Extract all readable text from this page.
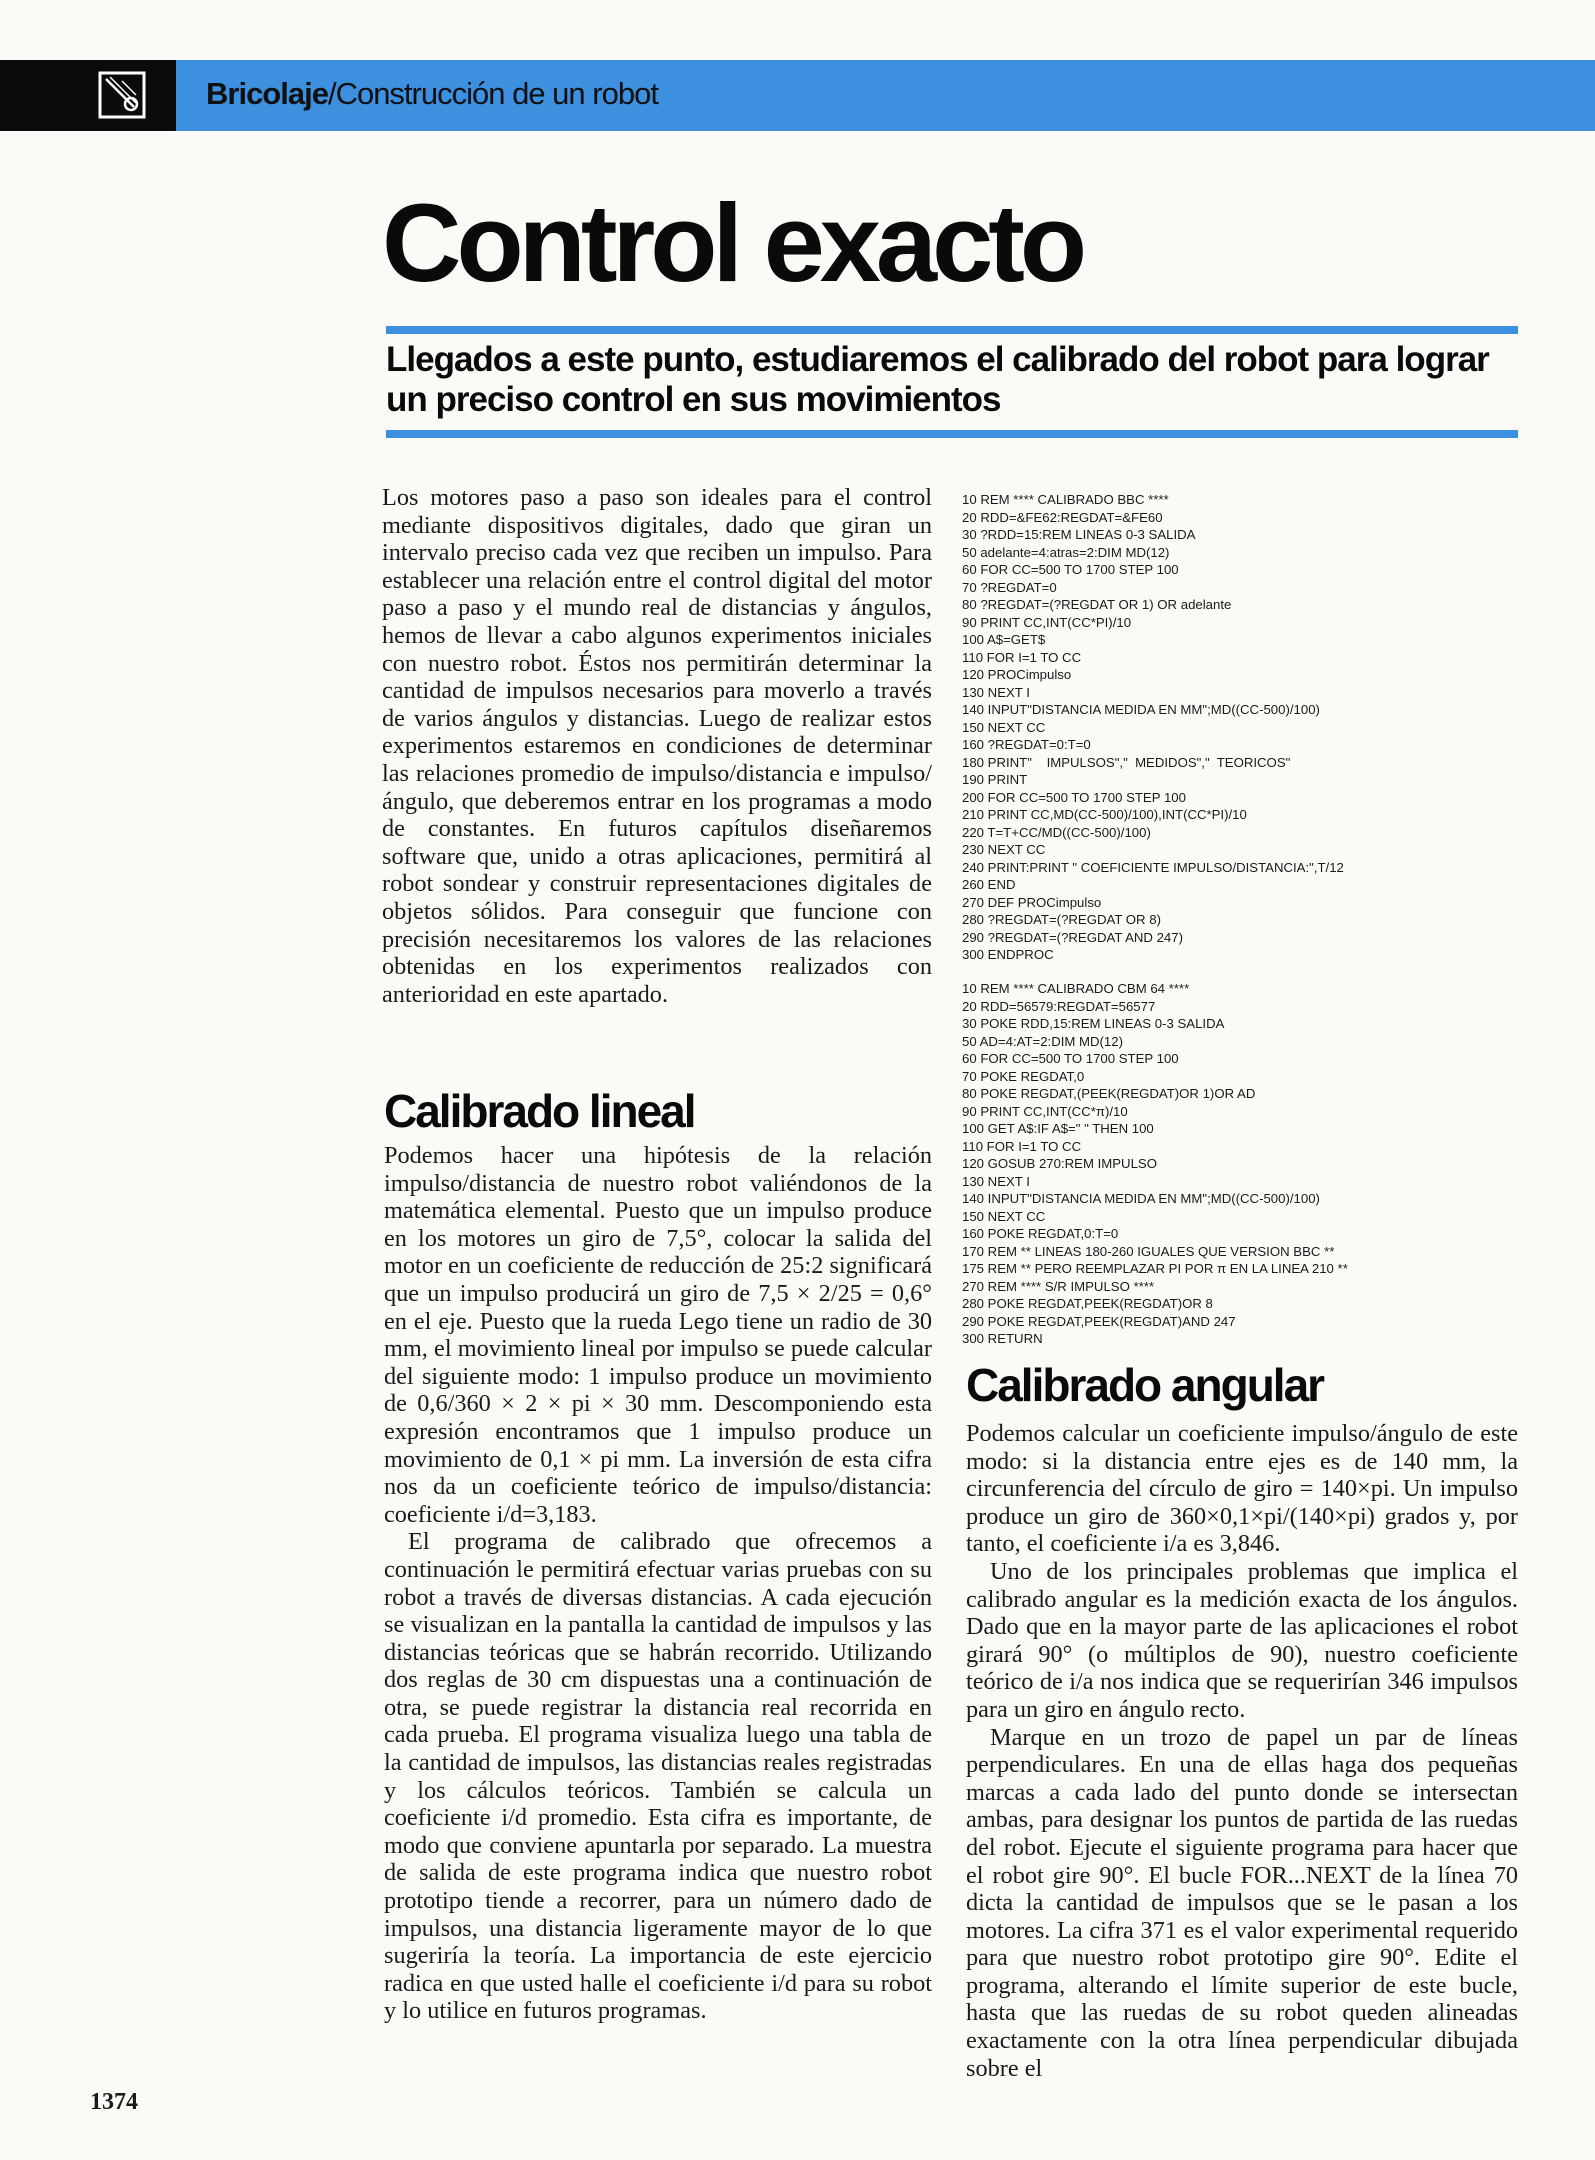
Bricolaje/Construcción de un robot
Control exacto

Llegados a este punto, estudiaremos el calibrado del robot para lograr un preciso control en sus movimientos

Los motores paso a paso son ideales para el control mediante dispositivos digitales, dado que giran un intervalo preciso cada vez que reciben un impulso. Para establecer una relación entre el control digital del motor paso a paso y el mundo real de distancias y ángulos, hemos de llevar a cabo algunos experimentos iniciales con nuestro robot. Éstos nos permitirán determinar la cantidad de impulsos necesarios para moverlo a través de varios ángulos y distancias. Luego de realizar estos experimentos estaremos en condiciones de determinar las relaciones promedio de impulso/distancia e impulso/ángulo, que deberemos entrar en los programas a modo de constantes. En futuros capítulos diseñaremos software que, unido a otras aplicaciones, permitirá al robot sondear y construir representaciones digitales de objetos sólidos. Para conseguir que funcione con precisión necesitaremos los valores de las relaciones obtenidas en los experimentos realizados con anterioridad en este apartado.

Calibrado lineal

Podemos hacer una hipótesis de la relación impulso/distancia de nuestro robot valiéndonos de la matemática elemental. Puesto que un impulso produce en los motores un giro de 7,5°, colocar la salida del motor en un coeficiente de reducción de 25:2 significará que un impulso producirá un giro de 7,5 × 2/25 = 0,6° en el eje. Puesto que la rueda Lego tiene un radio de 30 mm, el movimiento lineal por impulso se puede calcular del siguiente modo: 1 impulso produce un movimiento de 0,6/360 × 2 × pi × 30 mm. Descomponiendo esta expresión encontramos que 1 impulso produce un movimiento de 0,1 × pi mm. La inversión de esta cifra nos da un coeficiente teórico de impulso/distancia: coeficiente i/d=3,183.

El programa de calibrado que ofrecemos a continuación le permitirá efectuar varias pruebas con su robot a través de diversas distancias. A cada ejecución se visualizan en la pantalla la cantidad de impulsos y las distancias teóricas que se habrán recorrido. Utilizando dos reglas de 30 cm dispuestas una a continuación de otra, se puede registrar la distancia real recorrida en cada prueba. El programa visualiza luego una tabla de la cantidad de impulsos, las distancias reales registradas y los cálculos teóricos. También se calcula un coeficiente i/d promedio. Esta cifra es importante, de modo que conviene apuntarla por separado. La muestra de salida de este programa indica que nuestro robot prototipo tiende a recorrer, para un número dado de impulsos, una distancia ligeramente mayor de lo que sugeriría la teoría. La importancia de este ejercicio radica en que usted halle el coeficiente i/d para su robot y lo utilice en futuros programas.

10 REM **** CALIBRADO BBC ****
20 RDD=&FE62:REGDAT=&FE60
30 ?RDD=15:REM LINEAS 0-3 SALIDA
50 adelante=4:atras=2:DIM MD(12)
60 FOR CC=500 TO 1700 STEP 100
70 ?REGDAT=0
80 ?REGDAT=(?REGDAT OR 1) OR adelante
90 PRINT CC,INT(CC*PI)/10
100 A$=GET$
110 FOR I=1 TO CC
120 PROCimpulso
130 NEXT I
140 INPUT"DISTANCIA MEDIDA EN MM";MD((CC-500)/100)
150 NEXT CC
160 ?REGDAT=0:T=0
180 PRINT"    IMPULSOS","  MEDIDOS","  TEORICOS"
190 PRINT
200 FOR CC=500 TO 1700 STEP 100
210 PRINT CC,MD(CC-500)/100),INT(CC*PI)/10
220 T=T+CC/MD((CC-500)/100)
230 NEXT CC
240 PRINT:PRINT " COEFICIENTE IMPULSO/DISTANCIA:",T/12
260 END
270 DEF PROCimpulso
280 ?REGDAT=(?REGDAT OR 8)
290 ?REGDAT=(?REGDAT AND 247)
300 ENDPROC
10 REM **** CALIBRADO CBM 64 ****
20 RDD=56579:REGDAT=56577
30 POKE RDD,15:REM LINEAS 0-3 SALIDA
50 AD=4:AT=2:DIM MD(12)
60 FOR CC=500 TO 1700 STEP 100
70 POKE REGDAT,0
80 POKE REGDAT,(PEEK(REGDAT)OR 1)OR AD
90 PRINT CC,INT(CC*π)/10
100 GET A$:IF A$=" " THEN 100
110 FOR I=1 TO CC
120 GOSUB 270:REM IMPULSO
130 NEXT I
140 INPUT"DISTANCIA MEDIDA EN MM";MD((CC-500)/100)
150 NEXT CC
160 POKE REGDAT,0:T=0
170 REM ** LINEAS 180-260 IGUALES QUE VERSION BBC **
175 REM ** PERO REEMPLAZAR PI POR π EN LA LINEA 210 **
270 REM **** S/R IMPULSO ****
280 POKE REGDAT,PEEK(REGDAT)OR 8
290 POKE REGDAT,PEEK(REGDAT)AND 247
300 RETURN
Calibrado angular

Podemos calcular un coeficiente impulso/ángulo de este modo: si la distancia entre ejes es de 140 mm, la circunferencia del círculo de giro = 140×pi. Un impulso produce un giro de 360×0,1×pi/(140×pi) grados y, por tanto, el coeficiente i/a es 3,846.

Uno de los principales problemas que implica el calibrado angular es la medición exacta de los ángulos. Dado que en la mayor parte de las aplicaciones el robot girará 90° (o múltiplos de 90), nuestro coeficiente teórico de i/a nos indica que se requerirían 346 impulsos para un giro en ángulo recto.

Marque en un trozo de papel un par de líneas perpendiculares. En una de ellas haga dos pequeñas marcas a cada lado del punto donde se intersectan ambas, para designar los puntos de partida de las ruedas del robot. Ejecute el siguiente programa para hacer que el robot gire 90°. El bucle FOR...NEXT de la línea 70 dicta la cantidad de impulsos que se le pasan a los motores. La cifra 371 es el valor experimental requerido para que nuestro robot prototipo gire 90°. Edite el programa, alterando el límite superior de este bucle, hasta que las ruedas de su robot queden alineadas exactamente con la otra línea perpendicular dibujada sobre el

1374
